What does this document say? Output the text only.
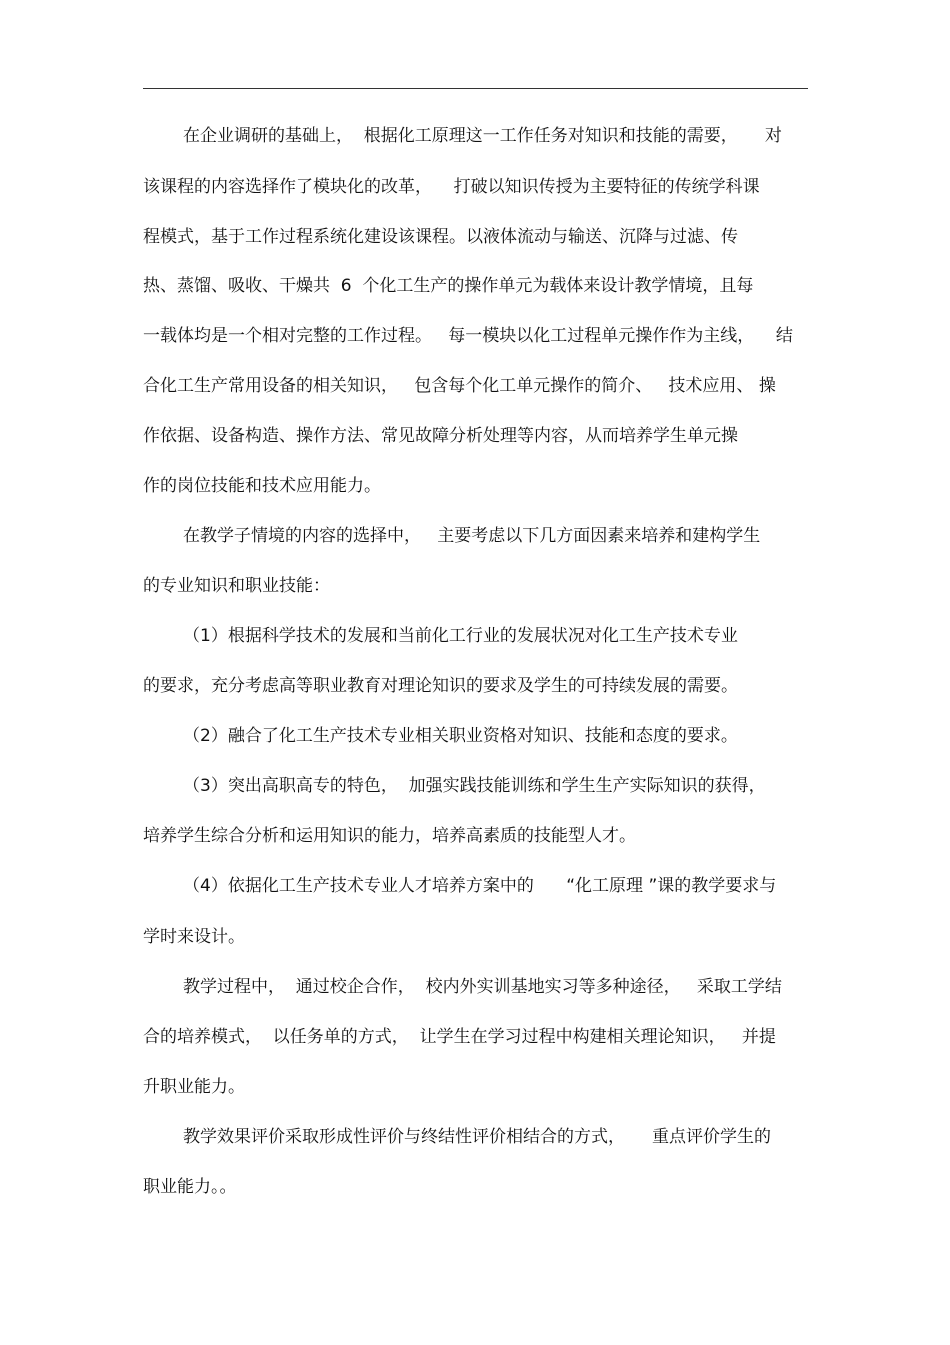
在企业调研的基础上，  根据化工原理这一工作任务对知识和技能的需要，     对
该课程的内容选择作了模块化的改革，    打破以知识传授为主要特征的传统学科课
程模式，基于工作过程系统化建设该课程。以液体流动与输送、沉降与过滤、传
热、蒸馏、吸收、干燥共  6  个化工生产的操作单元为载体来设计教学情境，且每
一载体均是一个相对完整的工作过程。   每一模块以化工过程单元操作作为主线，    结
合化工生产常用设备的相关知识，   包含每个化工单元操作的简介、   技术应用、 操
作依据、设备构造、操作方法、常见故障分析处理等内容，从而培养学生单元操
作的岗位技能和技术应用能力。
在教学子情境的内容的选择中，   主要考虑以下几方面因素来培养和建构学生
的专业知识和职业技能：
（1）根据科学技术的发展和当前化工行业的发展状况对化工生产技术专业
的要求，充分考虑高等职业教育对理论知识的要求及学生的可持续发展的需要。
（2）融合了化工生产技术专业相关职业资格对知识、技能和态度的要求。
（3）突出高职高专的特色，  加强实践技能训练和学生生产实际知识的获得，
培养学生综合分析和运用知识的能力，培养高素质的技能型人才。
（4）依据化工生产技术专业人才培养方案中的      “化工原理 ”课的教学要求与
学时来设计。
教学过程中，  通过校企合作，  校内外实训基地实习等多种途径，   采取工学结
合的培养模式，  以任务单的方式，  让学生在学习过程中构建相关理论知识，   并提
升职业能力。
教学效果评价采取形成性评价与终结性评价相结合的方式，     重点评价学生的
职业能力。。
